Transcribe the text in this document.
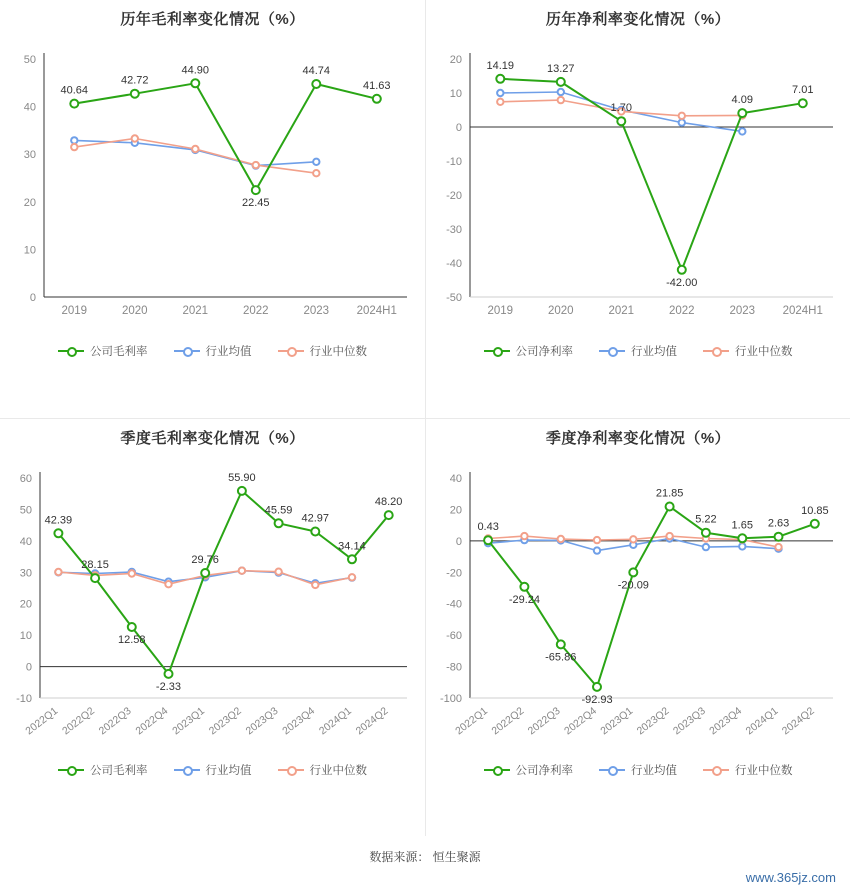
历年毛利率变化情况（%）
0
10
20
30
40
50
2019	2020	2021	2022	2023 2024H1
40.64
42.72
44.90
22.45
44.74
41.63
公司毛利率	行业均值	行业中位数
历年净利率变化情况（%）
-50
-40
-30
-20
-10
0
10
20
2019	2020	2021	2022	2023 2024H1
14.19	13.27
1.70
-42.00
4.09
7.01
公司净利率	行业均值	行业中位数
季度毛利率变化情况（%）
-10
0
10
20
30
40
50
60
2022Q1 2022Q2 2022Q3 2022Q4 2023Q1 2023Q2 2023Q3 2023Q4 2024Q1 2024Q2
42.39
28.15
12.58
-2.33
29.76
55.90
45.59
42.97
34.14
48.20
公司毛利率	行业均值	行业中位数
季度净利率变化情况（%）
-100
-80
-60
-40
-20
0
20
40
2022Q1 2022Q2 2022Q3 2022Q4 2023Q1 2023Q2 2023Q3 2023Q4 2024Q1 2024Q2
0.43
-29.24
-65.86
-92.93
-20.09
21.85
5.22 1.65 2.63
10.85
公司净利率	行业均值	行业中位数
数据来源： 恒生聚源
www.365jz.com
